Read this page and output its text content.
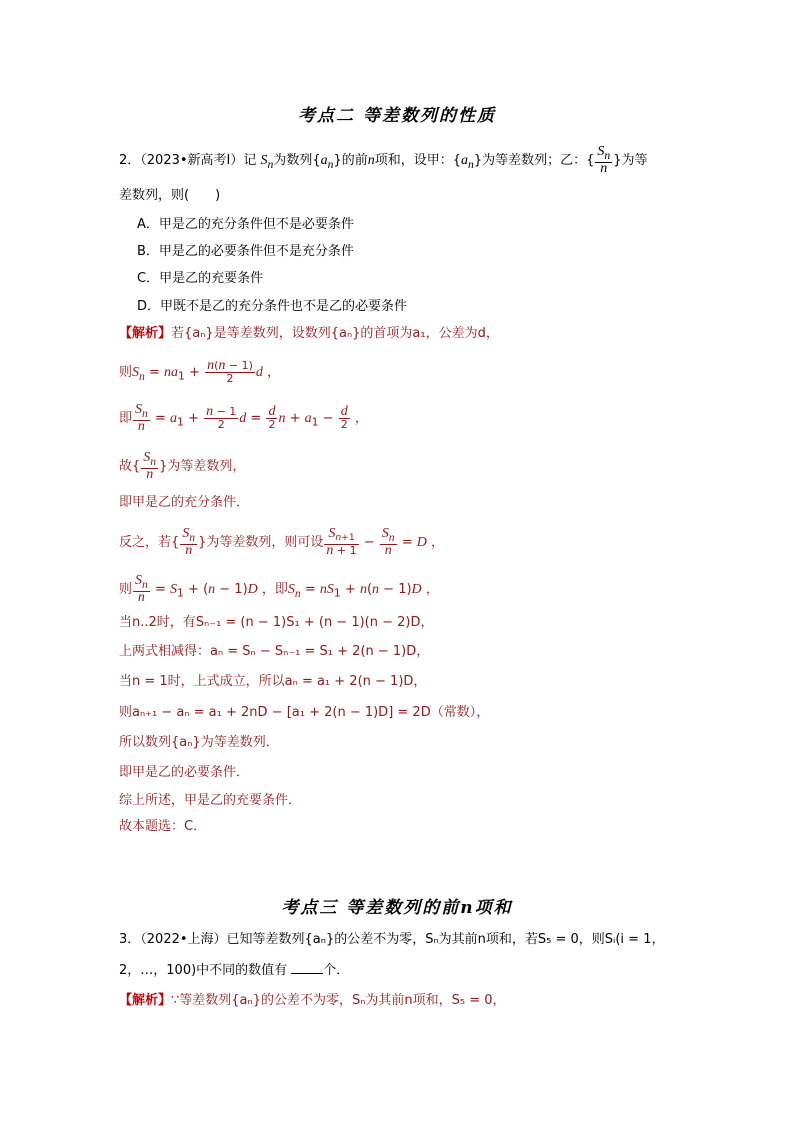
考点二 等差数列的性质
2．（2023•新高考Ⅰ）记 $S_n$为数列$\{a_n\}$的前n项和，设甲：$\{a_n\}$为等差数列；乙：{ $\frac{S_n}{n}$ }为等
差数列，则(　　)
A．甲是乙的充分条件但不是必要条件
B．甲是乙的必要条件但不是充分条件
C．甲是乙的充要条件
D．甲既不是乙的充分条件也不是乙的必要条件
【解析】若{aₙ}是等差数列，设数列{aₙ}的首项为a₁，公差为d，
则$S_n = na_1 + \frac{n(n - 1)}{2}$ d ，
即 $\frac{S_n}{n} = a_1 + \frac{n - 1}{2}$ $d = \frac{d}{2}$ $n + a_1 - \frac{d}{2}$ ，
故{ $\frac{S_n}{n}$ }为等差数列，
即甲是乙的充分条件．
反之，若{ $\frac{S_n}{n}$ }为等差数列，则可设 $\frac{S_{n+1}}{n + 1} - \frac{S_n}{n} = D$ ，
则 $\frac{S_n}{n} = S_1 + (n - 1)D$ ，即$S_n = nS_1 + n(n - 1)D$ ，
当n..2时，有Sₙ₋₁ = (n − 1)S₁ + (n − 1)(n − 2)D，
上两式相减得：aₙ = Sₙ − Sₙ₋₁ = S₁ + 2(n − 1)D，
当n = 1时，上式成立，所以aₙ = a₁ + 2(n − 1)D，
则aₙ₊₁ − aₙ = a₁ + 2nD − [a₁ + 2(n − 1)D] = 2D（常数），
所以数列{aₙ}为等差数列．
即甲是乙的必要条件．
综上所述，甲是乙的充要条件．
故本题选：C．
考点三 等差数列的前n项和
3．（2022•上海）已知等差数列{aₙ}的公差不为零，Sₙ为其前n项和，若S₅ = 0，则Sᵢ(i = 1，
2，…，100)中不同的数值有	个．
【解析】∵等差数列{aₙ}的公差不为零，Sₙ为其前n项和，S₅ = 0，
